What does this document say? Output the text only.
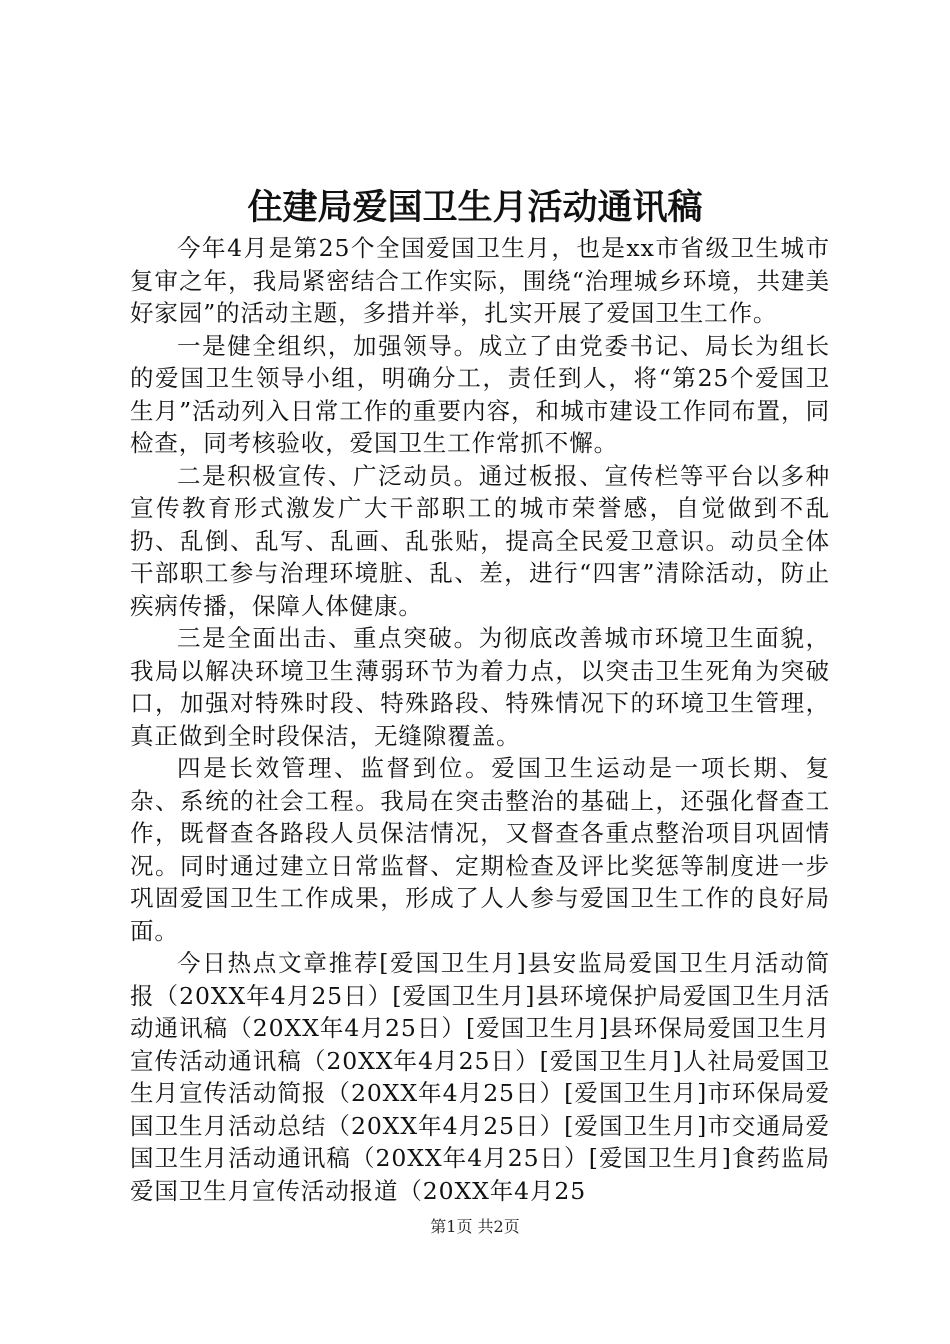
住建局爱国卫生月活动通讯稿

今年4月是第25个全国爱国卫生月，也是xx市省级卫生城市复审之年，我局紧密结合工作实际，围绕“治理城乡环境，共建美好家园”的活动主题，多措并举，扎实开展了爱国卫生工作。

一是健全组织，加强领导。成立了由党委书记、局长为组长的爱国卫生领导小组，明确分工，责任到人，将“第25个爱国卫生月”活动列入日常工作的重要内容，和城市建设工作同布置，同检查，同考核验收，爱国卫生工作常抓不懈。

二是积极宣传、广泛动员。通过板报、宣传栏等平台以多种宣传教育形式激发广大干部职工的城市荣誉感，自觉做到不乱扔、乱倒、乱写、乱画、乱张贴，提高全民爱卫意识。动员全体干部职工参与治理环境脏、乱、差，进行“四害”清除活动，防止疾病传播，保障人体健康。

三是全面出击、重点突破。为彻底改善城市环境卫生面貌，我局以解决环境卫生薄弱环节为着力点，以突击卫生死角为突破口，加强对特殊时段、特殊路段、特殊情况下的环境卫生管理，真正做到全时段保洁，无缝隙覆盖。

四是长效管理、监督到位。爱国卫生运动是一项长期、复杂、系统的社会工程。我局在突击整治的基础上，还强化督查工作，既督查各路段人员保洁情况，又督查各重点整治项目巩固情况。同时通过建立日常监督、定期检查及评比奖惩等制度进一步巩固爱国卫生工作成果，形成了人人参与爱国卫生工作的良好局面。

今日热点文章推荐[爱国卫生月]县安监局爱国卫生月活动简报（20XX年4月25日）[爱国卫生月]县环境保护局爱国卫生月活动通讯稿（20XX年4月25日）[爱国卫生月]县环保局爱国卫生月宣传活动通讯稿（20XX年4月25日）[爱国卫生月]人社局爱国卫生月宣传活动简报（20XX年4月25日）[爱国卫生月]市环保局爱国卫生月活动总结（20XX年4月25日）[爱国卫生月]市交通局爱国卫生月活动通讯稿（20XX年4月25日）[爱国卫生月]食药监局爱国卫生月宣传活动报道（20XX年4月25

第1页 共2页
